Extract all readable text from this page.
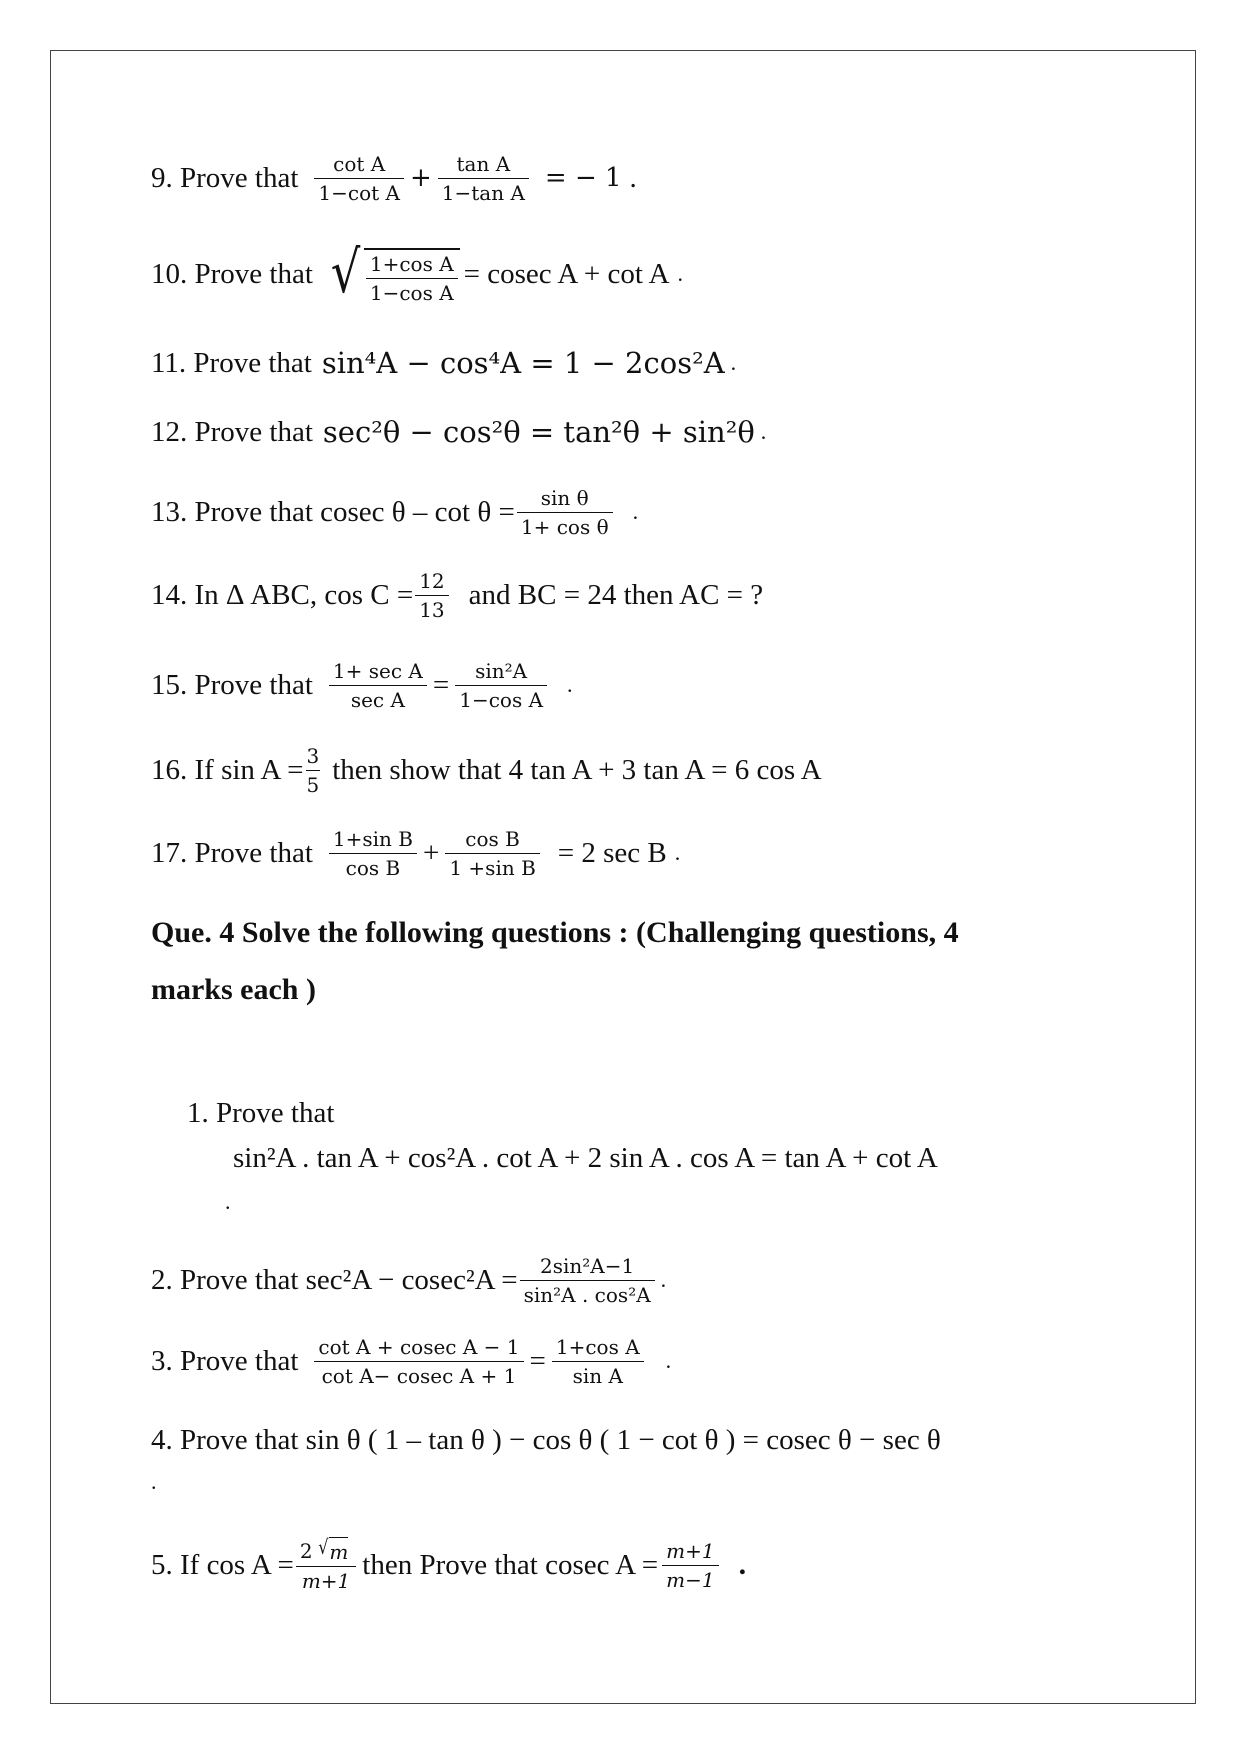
9. Prove that $\frac{\text{cot A}}{\text{1−cot A}} + \frac{\text{tan A}}{\text{1−tan A}}$ = − 1 .
10. Prove that √ $\frac{\text{1+cos A}}{\text{1−cos A}} = cosec$ A + cot A .
11. Prove that sin⁴A − cos⁴A = 1 − 2cos²A .
12. Prove that sec²θ − cos²θ = tan²θ + sin²θ .
13. Prove that cosec $\theta - \cot \theta = \frac{\text{sin θ}}{\text{1+ cos θ}}$ .
14. In Δ ABC, $\cos C = \frac{12}{13}$ and BC = 24 then AC = ?
15. Prove that $\frac{\text{1+ sec A}}{\text{sec A}} = \frac{\text{sin²A}}{\text{1−cos A}}$ .
16. If $\sin A = \frac{3}{5}$ then show that 4 tan A + 3 tan A = 6 cos A
17. Prove that $\frac{\text{1+sin B}}{\text{cos B}} + \frac{\text{cos B}}{\text{1 +sin B}} = 2$ sec B .
Que. 4 Solve the following questions : (Challenging questions, 4
marks each )
1. Prove that
sin²A . tan A + cos²A . cot A + 2 sin A . cos A = tan A + cot A
.
2. Prove that $\sec^2A - cosec^2A = \frac{\text{2sin²A−1}}{\text{sin²A . cos²A}}$ .
3. Prove that $\frac{\text{cot A + cosec A − 1}}{\text{cot A− cosec A + 1}} = \frac{\text{1+cos A}}{\text{sin A}}$ .
4. Prove that sin θ ( 1 – tan θ ) − cos θ ( 1 − cot θ ) = cosec θ − sec θ
.
5. If $\cos A = \frac{2 √ m}{m+1}$ then Prove that cosec $A = \frac{m+1}{m-1}$ .
